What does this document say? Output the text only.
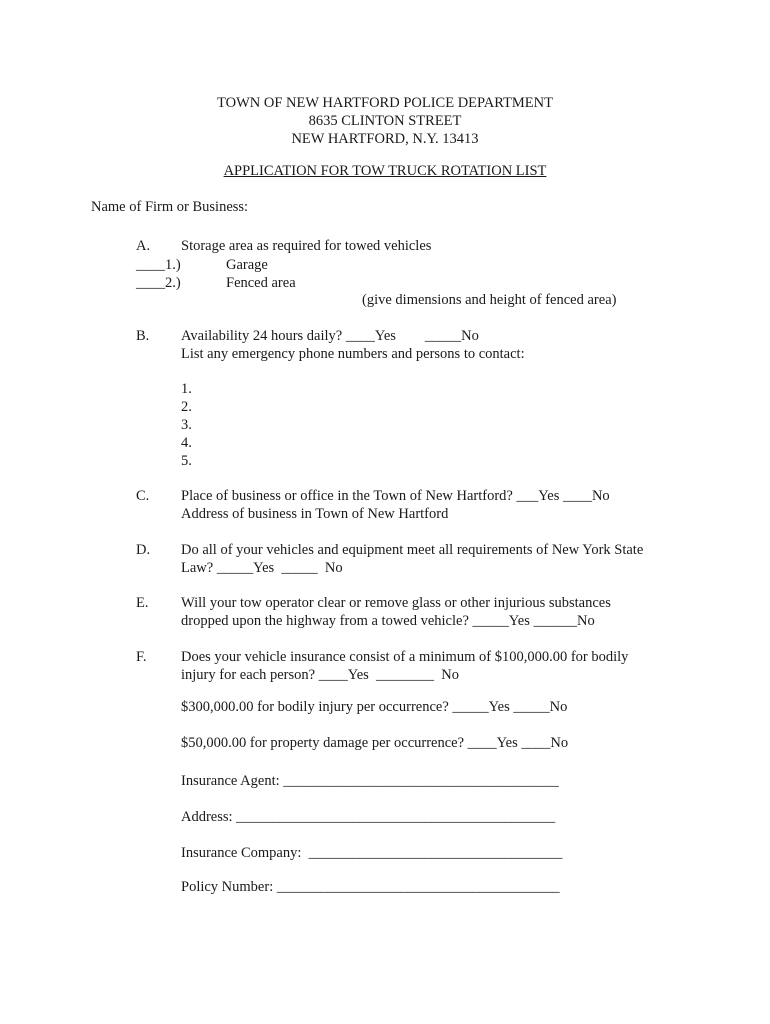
TOWN OF NEW HARTFORD POLICE DEPARTMENT
8635 CLINTON STREET
NEW HARTFORD, N.Y. 13413
APPLICATION FOR TOW TRUCK ROTATION LIST
Name of Firm or Business:
A. Storage area as required for towed vehicles
____1.)	Garage
____2.)	Fenced area
(give dimensions and height of fenced area)
B. Availability 24 hours daily? ____Yes        _____No
List any emergency phone numbers and persons to contact:
1.
2.
3.
4.
5.
C. Place of business or office in the Town of New Hartford? ___Yes ____No
Address of business in Town of New Hartford
D. Do all of your vehicles and equipment meet all requirements of New York State
Law? _____Yes  _____  No
E. Will your tow operator clear or remove glass or other injurious substances
dropped upon the highway from a towed vehicle? _____Yes ______No
F. Does your vehicle insurance consist of a minimum of $100,000.00 for bodily
injury for each person? ____Yes  ________  No
$300,000.00 for bodily injury per occurrence? _____Yes _____No
$50,000.00 for property damage per occurrence? ____Yes ____No
Insurance Agent: ______________________________________
Address: ____________________________________________
Insurance Company:  ___________________________________
Policy Number: _______________________________________
